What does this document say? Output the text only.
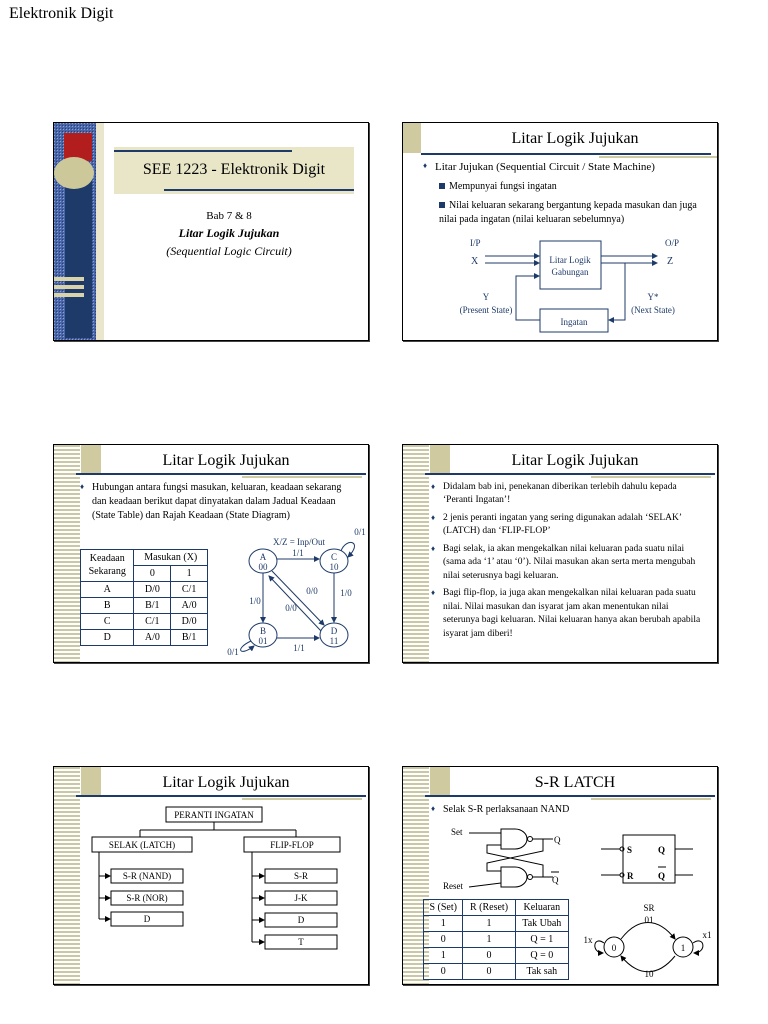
Elektronik Digit
SEE 1223 - Elektronik Digit
Bab 7 & 8
Litar Logik Jujukan
(Sequential Logic Circuit)
Litar Logik Jujukan
♦ Litar Jujukan (Sequential Circuit / State Machine)
Mempunyai fungsi ingatan
Nilai keluaran sekarang bergantung kepada masukan dan juga nilai pada ingatan (nilai keluaran sebelumnya)
I/P
X
O/P
Z
Litar Logik
Gabungan
Y
(Present State)
Y*
(Next State)
Ingatan
Litar Logik Jujukan
♦ Hubungan antara fungsi masukan, keluaran, keadaan sekarang dan keadaan berikut dapat dinyatakan dalam Jadual Keadaan (State Table) dan Rajah Keadaan (State Diagram)
Keadaan
Sekarang	Masukan (X)	
	0	1
A	D/0	C/1
B	B/1	A/0
C	C/1	D/0
D	A/0	B/1
X/Z = Inp/Out
A
00
C
10
B
01
D
11
1/1
0/1
1/0
0/0
0/0
1/0
1/1
0/1
Litar Logik Jujukan
♦ Didalam bab ini, penekanan diberikan terlebih dahulu kepada ‘Peranti Ingatan’!
♦ 2 jenis peranti ingatan yang sering digunakan adalah ‘SELAK’ (LATCH) dan ‘FLIP-FLOP’
♦ Bagi selak, ia akan mengekalkan nilai keluaran pada suatu nilai (sama ada ‘1’ atau ‘0’). Nilai masukan akan serta merta mengubah nilai seterusnya bagi keluaran.
♦ Bagi flip-flop, ia juga akan mengekalkan nilai keluaran pada suatu nilai. Nilai masukan dan isyarat jam akan menentukan nilai seterunya bagi keluaran. Nilai keluaran hanya akan berubah apabila isyarat jam diberi!
Litar Logik Jujukan
PERANTI INGATAN
SELAK (LATCH)	FLIP-FLOP
S-R (NAND)
S-R (NOR)
D
S-R
J-K
D
T
S-R LATCH
♦ Selak S-R perlaksanaan NAND
Set
Reset
Q
Q
S
R
Q
Q
SR
01
10
1x	x1
0	1
S (Set)	R (Reset)	Keluaran
1	1	Tak Ubah
0	1	Q = 1
1	0	Q = 0
0	0	Tak sah
